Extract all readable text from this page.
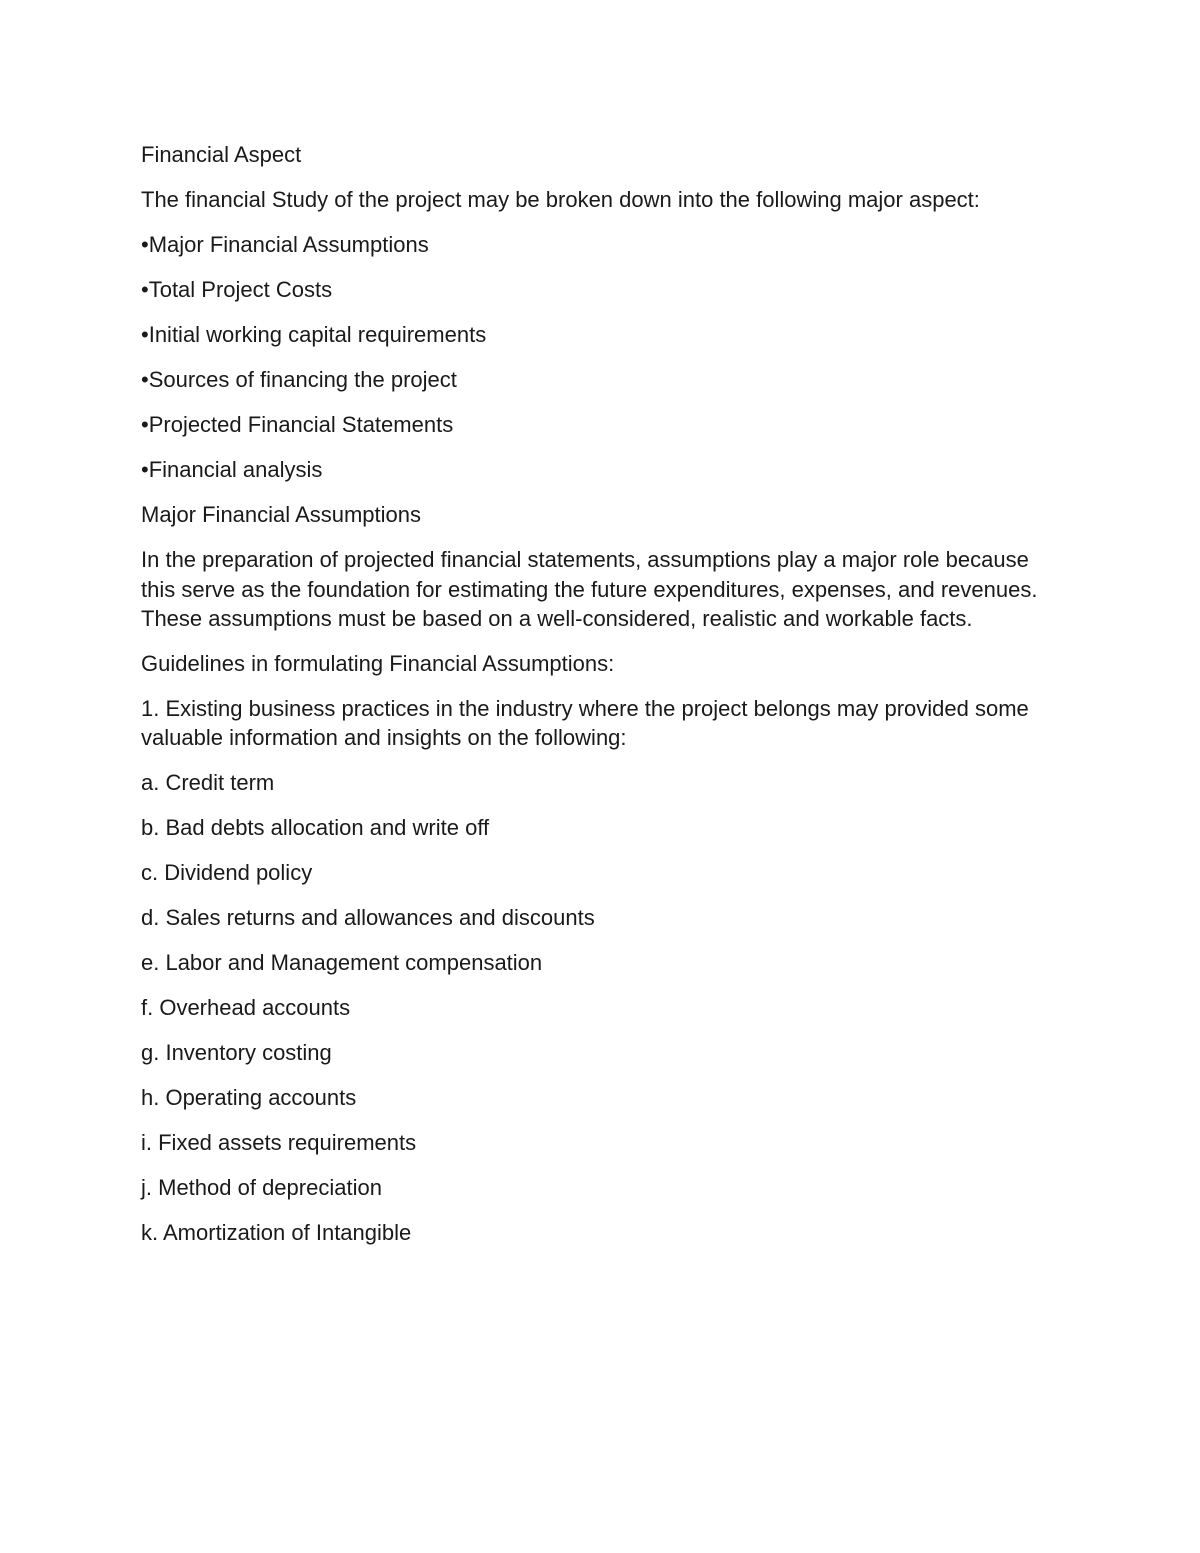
Financial Aspect

The financial Study of the project may be broken down into the following major aspect:

•Major Financial Assumptions

•Total Project Costs

•Initial working capital requirements

•Sources of financing the project

•Projected Financial Statements

•Financial analysis

Major Financial Assumptions

In the preparation of projected financial statements, assumptions play a major role because this serve as the foundation for estimating the future expenditures, expenses, and revenues. These assumptions must be based on a well-considered, realistic and workable facts.

Guidelines in formulating Financial Assumptions:

1. Existing business practices in the industry where the project belongs may provided some valuable information and insights on the following:

a. Credit term

b. Bad debts allocation and write off

c. Dividend policy

d. Sales returns and allowances and discounts

e. Labor and Management compensation

f. Overhead accounts

g. Inventory costing

h. Operating accounts

i. Fixed assets requirements

j. Method of depreciation

k. Amortization of Intangible
